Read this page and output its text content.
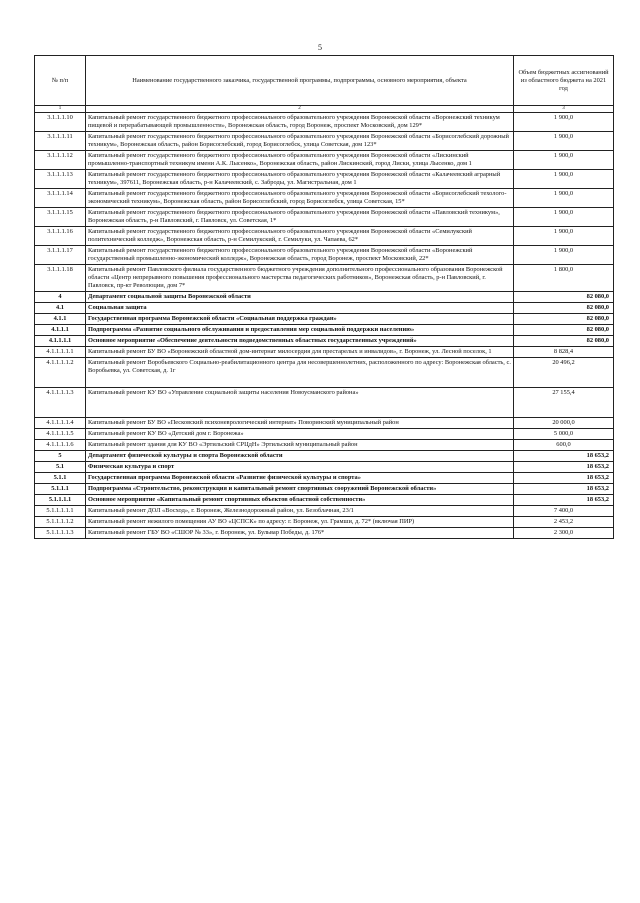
5
№ п/п	Наименование государственного заказчика, государственной программы, подпрограммы, основного мероприятия, объекта	Объем бюджетных ассигнований из областного бюджета на 2021 год
1	2	3
3.1.1.1.10	Капитальный ремонт государственного бюджетного профессионального образовательного учреждения Воронежской области «Воронежский техникум пищевой и перерабатывающей промышленности», Воронежская область, город Воронеж, проспект Московский, дом 129*	1 900,0
3.1.1.1.11	Капитальный ремонт государственного бюджетного профессионального образовательного учреждения Воронежской области «Борисоглебский дорожный техникум», Воронежская область, район Борисоглебский, город Борисоглебск, улица Советская, дом 123*	1 900,0
3.1.1.1.12	Капитальный ремонт государственного бюджетного профессионального образовательного учреждения Воронежской области «Лискинский промышленно-транспортный техникум имени А.К. Лысенко», Воронежская область, район Лискинский, город Лиски, улица Лысенко, дом 1	1 900,0
3.1.1.1.13	Капитальный ремонт государственного бюджетного профессионального образовательного учреждения Воронежской области «Калачеевский аграрный техникум», 397611, Воронежская область, р-н Калачеевский, с. Заброды, ул. Магистральная, дом 1	1 900,0
3.1.1.1.14	Капитальный ремонт государственного бюджетного профессионального образовательного учреждения Воронежской области «Борисоглебский техолого-экономический техникум», Воронежская область, район Борисоглебский, город Борисоглебск, улица Советская, 15*	1 900,0
3.1.1.1.15	Капитальный ремонт государственного бюджетного профессионального образовательного учреждения Воронежской области «Павловский техникум», Воронежская область, р-н Павловский, г. Павловск, ул. Советская, 1*	1 900,0
3.1.1.1.16	Капитальный ремонт государственного бюджетного профессионального образовательного учреждения Воронежской области «Семилукский политехнический колледж», Воронежская область, р-н Семилукский, г. Семилуки, ул. Чапаева, 62*	1 900,0
3.1.1.1.17	Капитальный ремонт государственного бюджетного профессионального образовательного учреждения Воронежской области «Воронежский государственный промышленно-экономический колледж», Воронежская область, город Воронеж, проспект Московский, 22*	1 900,0
3.1.1.1.18	Капитальный ремонт Павловского филиала государственного бюджетного учреждения дополнительного профессионального образования Воронежской области «Центр непрерывного повышения профессионального мастерства педагогических работников», Воронежская область, р-н Павловский, г. Павловск, пр-кт Революции, дом 7*	1 800,0
4	Департамент социальной защиты Воронежской области	82 080,0
4.1	Социальная защита	82 080,0
4.1.1	Государственная программа Воронежской области «Социальная поддержка граждан»	82 080,0
4.1.1.1	Подпрограмма «Развитие социального обслуживания и предоставления мер социальной поддержки населению»	82 080,0
4.1.1.1.1	Основное мероприятие «Обеспечение деятельности подведомственных областных государственных учреждений»	82 080,0
4.1.1.1.1.1	Капитальный ремонт БУ ВО «Воронежский областной дом-интернат милосердия для престарелых и инвалидов», г. Воронеж, ул. Лесной поселок, 1	8 828,4
4.1.1.1.1.2	Капитальный ремонт Воробьевского Социально-реабилитационного центра для несовершеннолетних, расположенного по адресу: Воронежская область, с. Воробьевка, ул. Советская, д. 1г	20 496,2
4.1.1.1.1.3	Капитальный ремонт КУ ВО «Управление социальной защиты населения Новоусманского района»	27 155,4
4.1.1.1.1.4	Капитальный ремонт БУ ВО «Песковский психоневрологический интернат» Поворинский муниципальный район	20 000,0
4.1.1.1.1.5	Капитальный ремонт КУ ВО «Детский дом г. Воронежа»	5 000,0
4.1.1.1.1.6	Капитальный ремонт здания для КУ ВО «Эртильский СРЦдН» Эртильский муниципальный район	600,0
5	Департамент физической культуры и спорта Воронежской области	18 653,2
5.1	Физическая культура и спорт	18 653,2
5.1.1	Государственная программа Воронежской области «Развитие физической культуры и спорта»	18 653,2
5.1.1.1	Подпрограмма «Строительство, реконструкция и капитальный ремонт спортивных сооружений Воронежской области»	18 653,2
5.1.1.1.1	Основное мероприятие «Капитальный ремонт спортивных объектов областной собственности»	18 653,2
5.1.1.1.1.1	Капитальный ремонт ДОЛ «Восход», г. Воронеж, Железнодорожный район, ул. Безоблачная, 23/1	7 400,0
5.1.1.1.1.2	Капитальный ремонт нежилого помещения АУ ВО «ЦСПСК» по адресу: г. Воронеж, ул. Грамши, д. 72* (включая ПИР)	2 453,2
5.1.1.1.1.3	Капитальный ремонт ГБУ ВО «СШОР № 33», г. Воронеж, ул. Бульвар Победы, д. 176*	2 300,0
